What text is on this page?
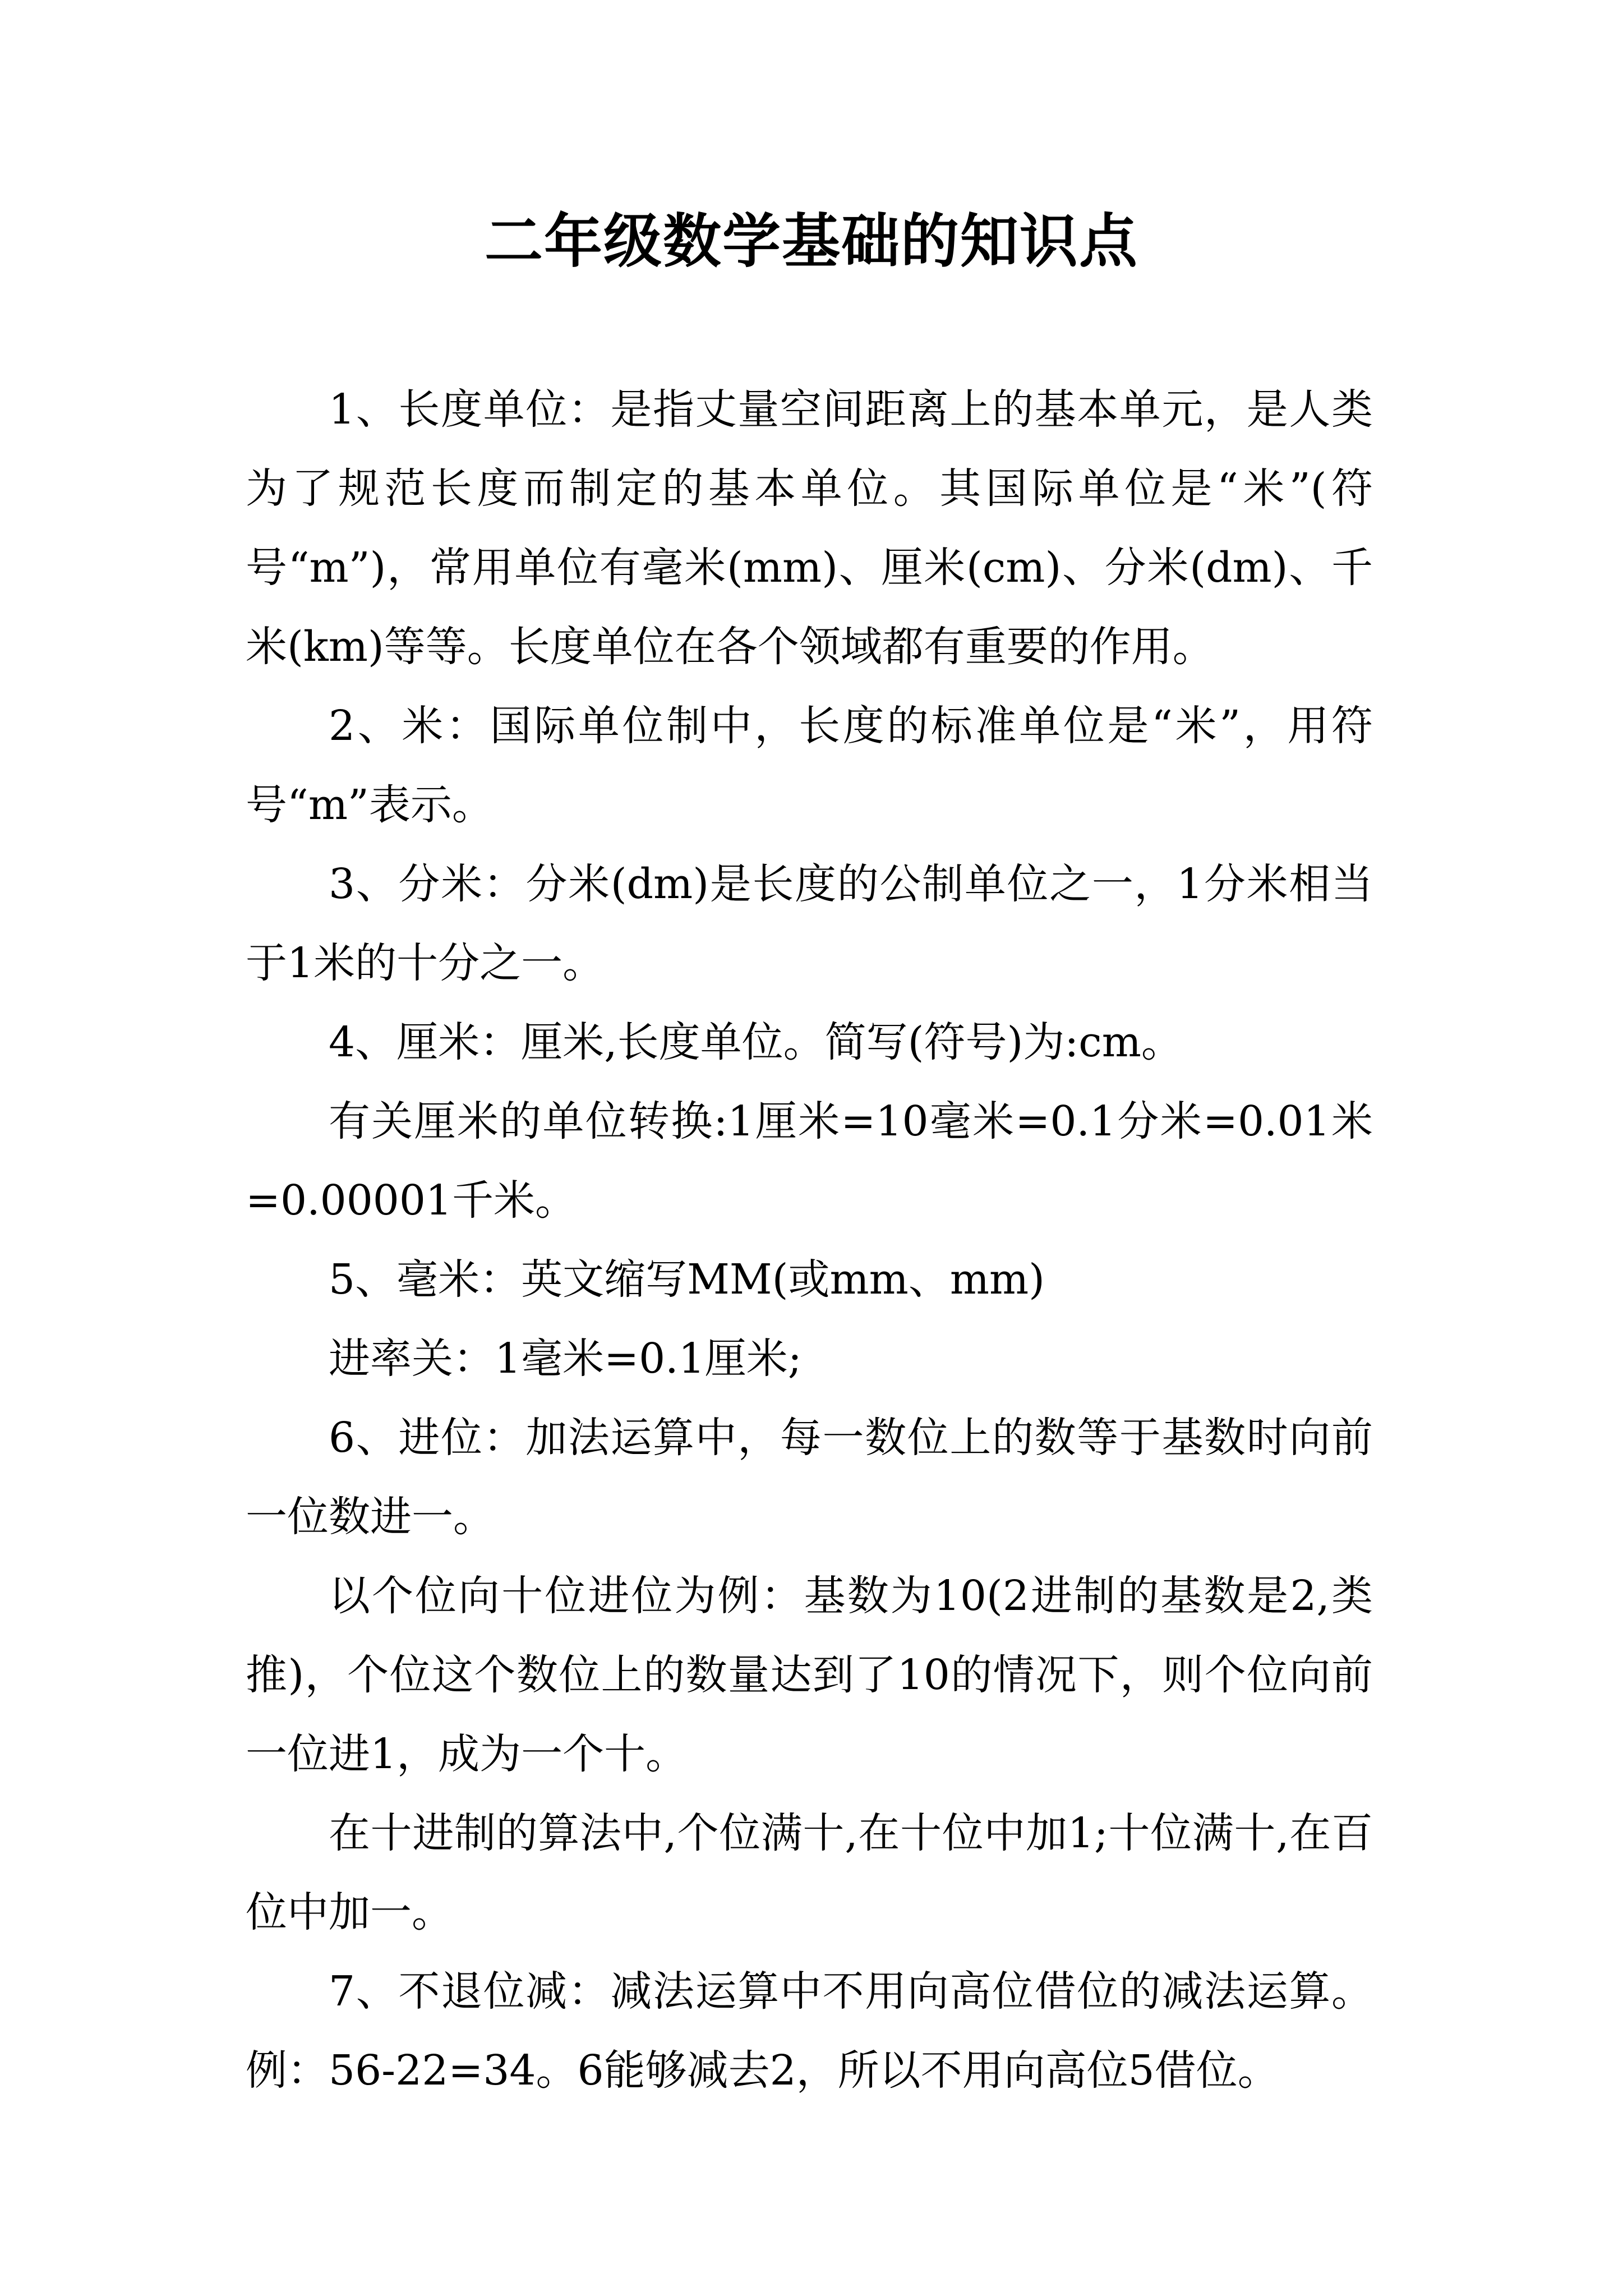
二年级数学基础的知识点

1、长度单位：是指丈量空间距离上的基本单元，是人类为了规范长度而制定的基本单位。其国际单位是“米”(符号“m”)，常用单位有毫米(mm)、厘米(cm)、分米(dm)、千米(km)等等。长度单位在各个领域都有重要的作用。

2、米：国际单位制中，长度的标准单位是“米”，用符号“m”表示。

3、分米：分米(dm)是长度的公制单位之一，1分米相当于1米的十分之一。

4、厘米：厘米,长度单位。简写(符号)为:cm。

有关厘米的单位转换:1厘米=10毫米=0.1分米=0.01米=0.00001千米。

5、毫米：英文缩写MM(或mm、mm)

进率关：1毫米=0.1厘米;

6、进位：加法运算中，每一数位上的数等于基数时向前一位数进一。

以个位向十位进位为例：基数为10(2进制的基数是2,类推)，个位这个数位上的数量达到了10的情况下，则个位向前一位进1，成为一个十。

在十进制的算法中,个位满十,在十位中加1;十位满十,在百位中加一。

7、不退位减：减法运算中不用向高位借位的减法运算。例：56-22=34。6能够减去2，所以不用向高位5借位。
